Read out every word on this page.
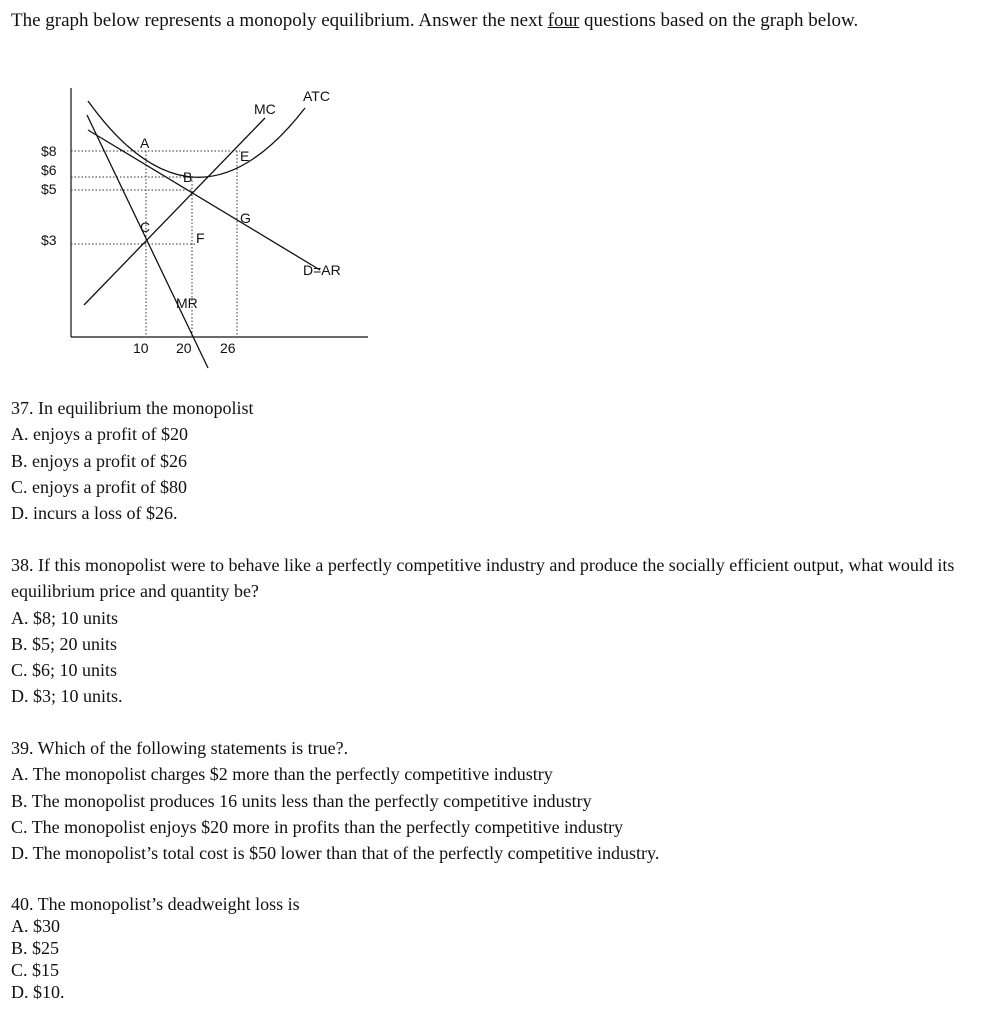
The graph below represents a monopoly equilibrium. Answer the next four questions based on the graph below.
$8
$6
$5
$3
10 20 26
MC
ATC
D=AR
MR
A
B
C
E
F
G
37. In equilibrium the monopolist
A. enjoys a profit of $20
B. enjoys a profit of $26
C. enjoys a profit of $80
D. incurs a loss of $26.
38. If this monopolist were to behave like a perfectly competitive industry and produce the socially efficient output, what would its equilibrium price and quantity be?
A. $8; 10 units
B. $5; 20 units
C. $6; 10 units
D. $3; 10 units.
39. Which of the following statements is true?.
A. The monopolist charges $2 more than the perfectly competitive industry
B. The monopolist produces 16 units less than the perfectly competitive industry
C. The monopolist enjoys $20 more in profits than the perfectly competitive industry
D. The monopolist’s total cost is $50 lower than that of the perfectly competitive industry.
40. The monopolist’s deadweight loss is
A. $30
B. $25
C. $15
D. $10.
